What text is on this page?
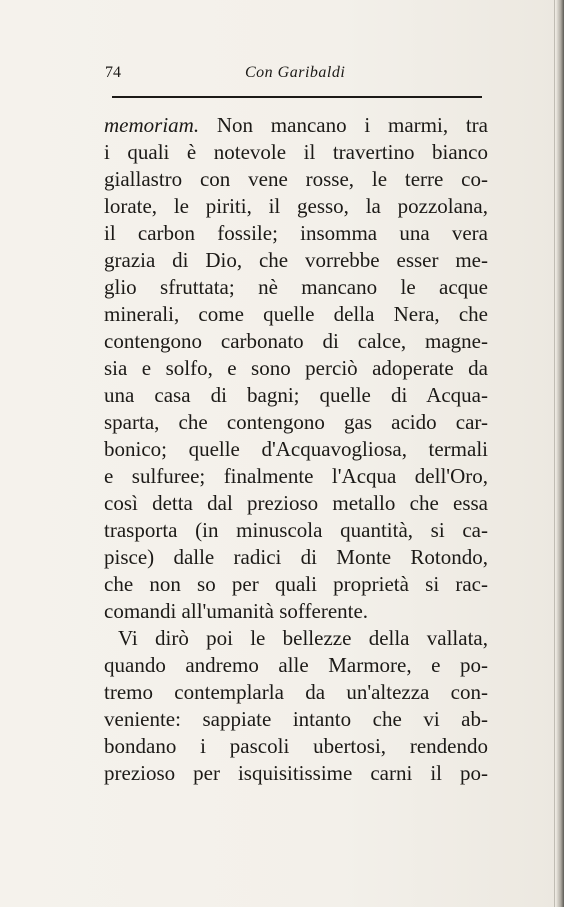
74	Con Garibaldi
memoriam. Non mancano i marmi, tra
i quali è notevole il travertino bianco
giallastro con vene rosse, le terre co-
lorate, le piriti, il gesso, la pozzolana,
il carbon fossile; insomma una vera
grazia di Dio, che vorrebbe esser me-
glio sfruttata; nè mancano le acque
minerali, come quelle della Nera, che
contengono carbonato di calce, magne-
sia e solfo, e sono perciò adoperate da
una casa di bagni; quelle di Acqua-
sparta, che contengono gas acido car-
bonico; quelle d'Acquavogliosa, termali
e sulfuree; finalmente l'Acqua dell'Oro,
così detta dal prezioso metallo che essa
trasporta (in minuscola quantità, si ca-
pisce) dalle radici di Monte Rotondo,
che non so per quali proprietà si rac-
comandi all'umanità sofferente.
Vi dirò poi le bellezze della vallata,
quando andremo alle Marmore, e po-
tremo contemplarla da un'altezza con-
veniente: sappiate intanto che vi ab-
bondano i pascoli ubertosi, rendendo
prezioso per isquisitissime carni il po-
